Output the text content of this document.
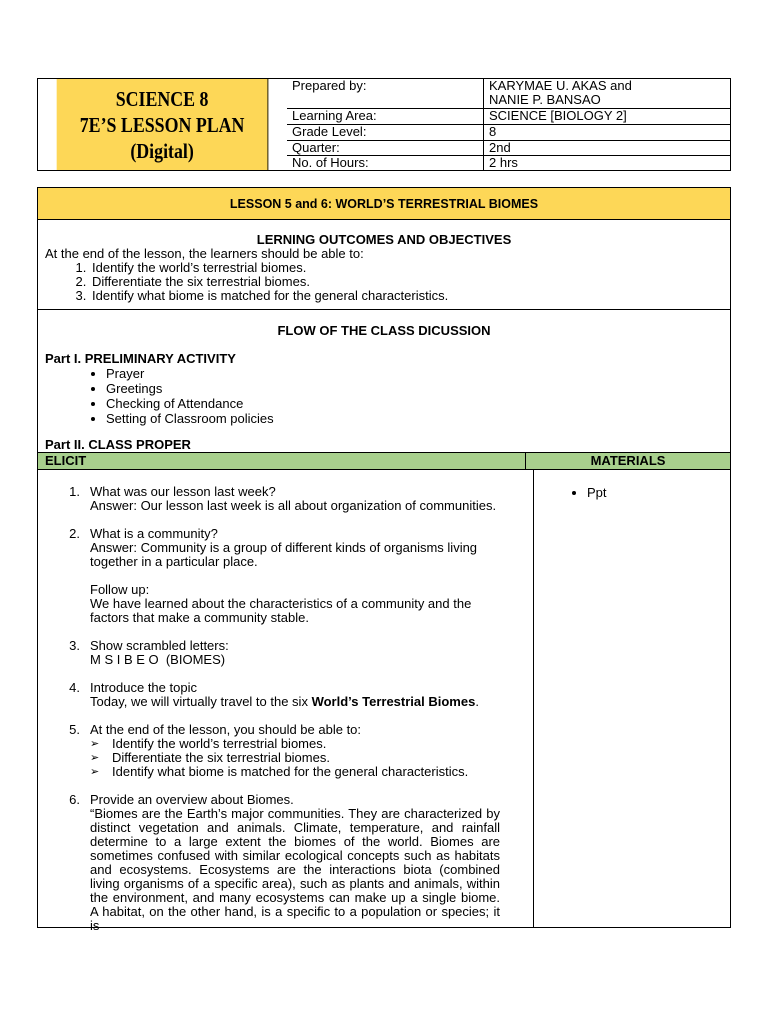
SCIENCE 8
7E’S LESSON PLAN
(Digital)
Prepared by:	KARYMAE U. AKAS and
NANIE P. BANSAO
Learning Area:	SCIENCE [BIOLOGY 2]
Grade Level:	8
Quarter:	2nd
No. of Hours:	2 hrs
LESSON 5 and 6: WORLD’S TERRESTRIAL BIOMES
LERNING OUTCOMES AND OBJECTIVES
At the end of the lesson, the learners should be able to:
1. Identify the world’s terrestrial biomes.
2. Differentiate the six terrestrial biomes.
3. Identify what biome is matched for the general characteristics.
FLOW OF THE CLASS DICUSSION
Part I. PRELIMINARY ACTIVITY
• Prayer
• Greetings
• Checking of Attendance
• Setting of Classroom policies
Part II. CLASS PROPER
ELICIT	MATERIALS
1. What was our lesson last week?
Answer: Our lesson last week is all about organization of communities.
2. What is a community?
Answer: Community is a group of different kinds of organisms living together in a particular place.
Follow up:
We have learned about the characteristics of a community and the factors that make a community stable.
3. Show scrambled letters:
M S I B E O  (BIOMES)
4. Introduce the topic
Today, we will virtually travel to the six World’s Terrestrial Biomes.
5. At the end of the lesson, you should be able to:
➢ Identify the world’s terrestrial biomes.
➢ Differentiate the six terrestrial biomes.
➢ Identify what biome is matched for the general characteristics.
6. Provide an overview about Biomes.
“Biomes are the Earth’s major communities. They are characterized by distinct vegetation and animals. Climate, temperature, and rainfall determine to a large extent the biomes of the world. Biomes are sometimes confused with similar ecological concepts such as habitats and ecosystems. Ecosystems are the interactions biota (combined living organisms of a specific area), such as plants and animals, within the environment, and many ecosystems can make up a single biome. A habitat, on the other hand, is a specific to a population or species; it is
• Ppt
